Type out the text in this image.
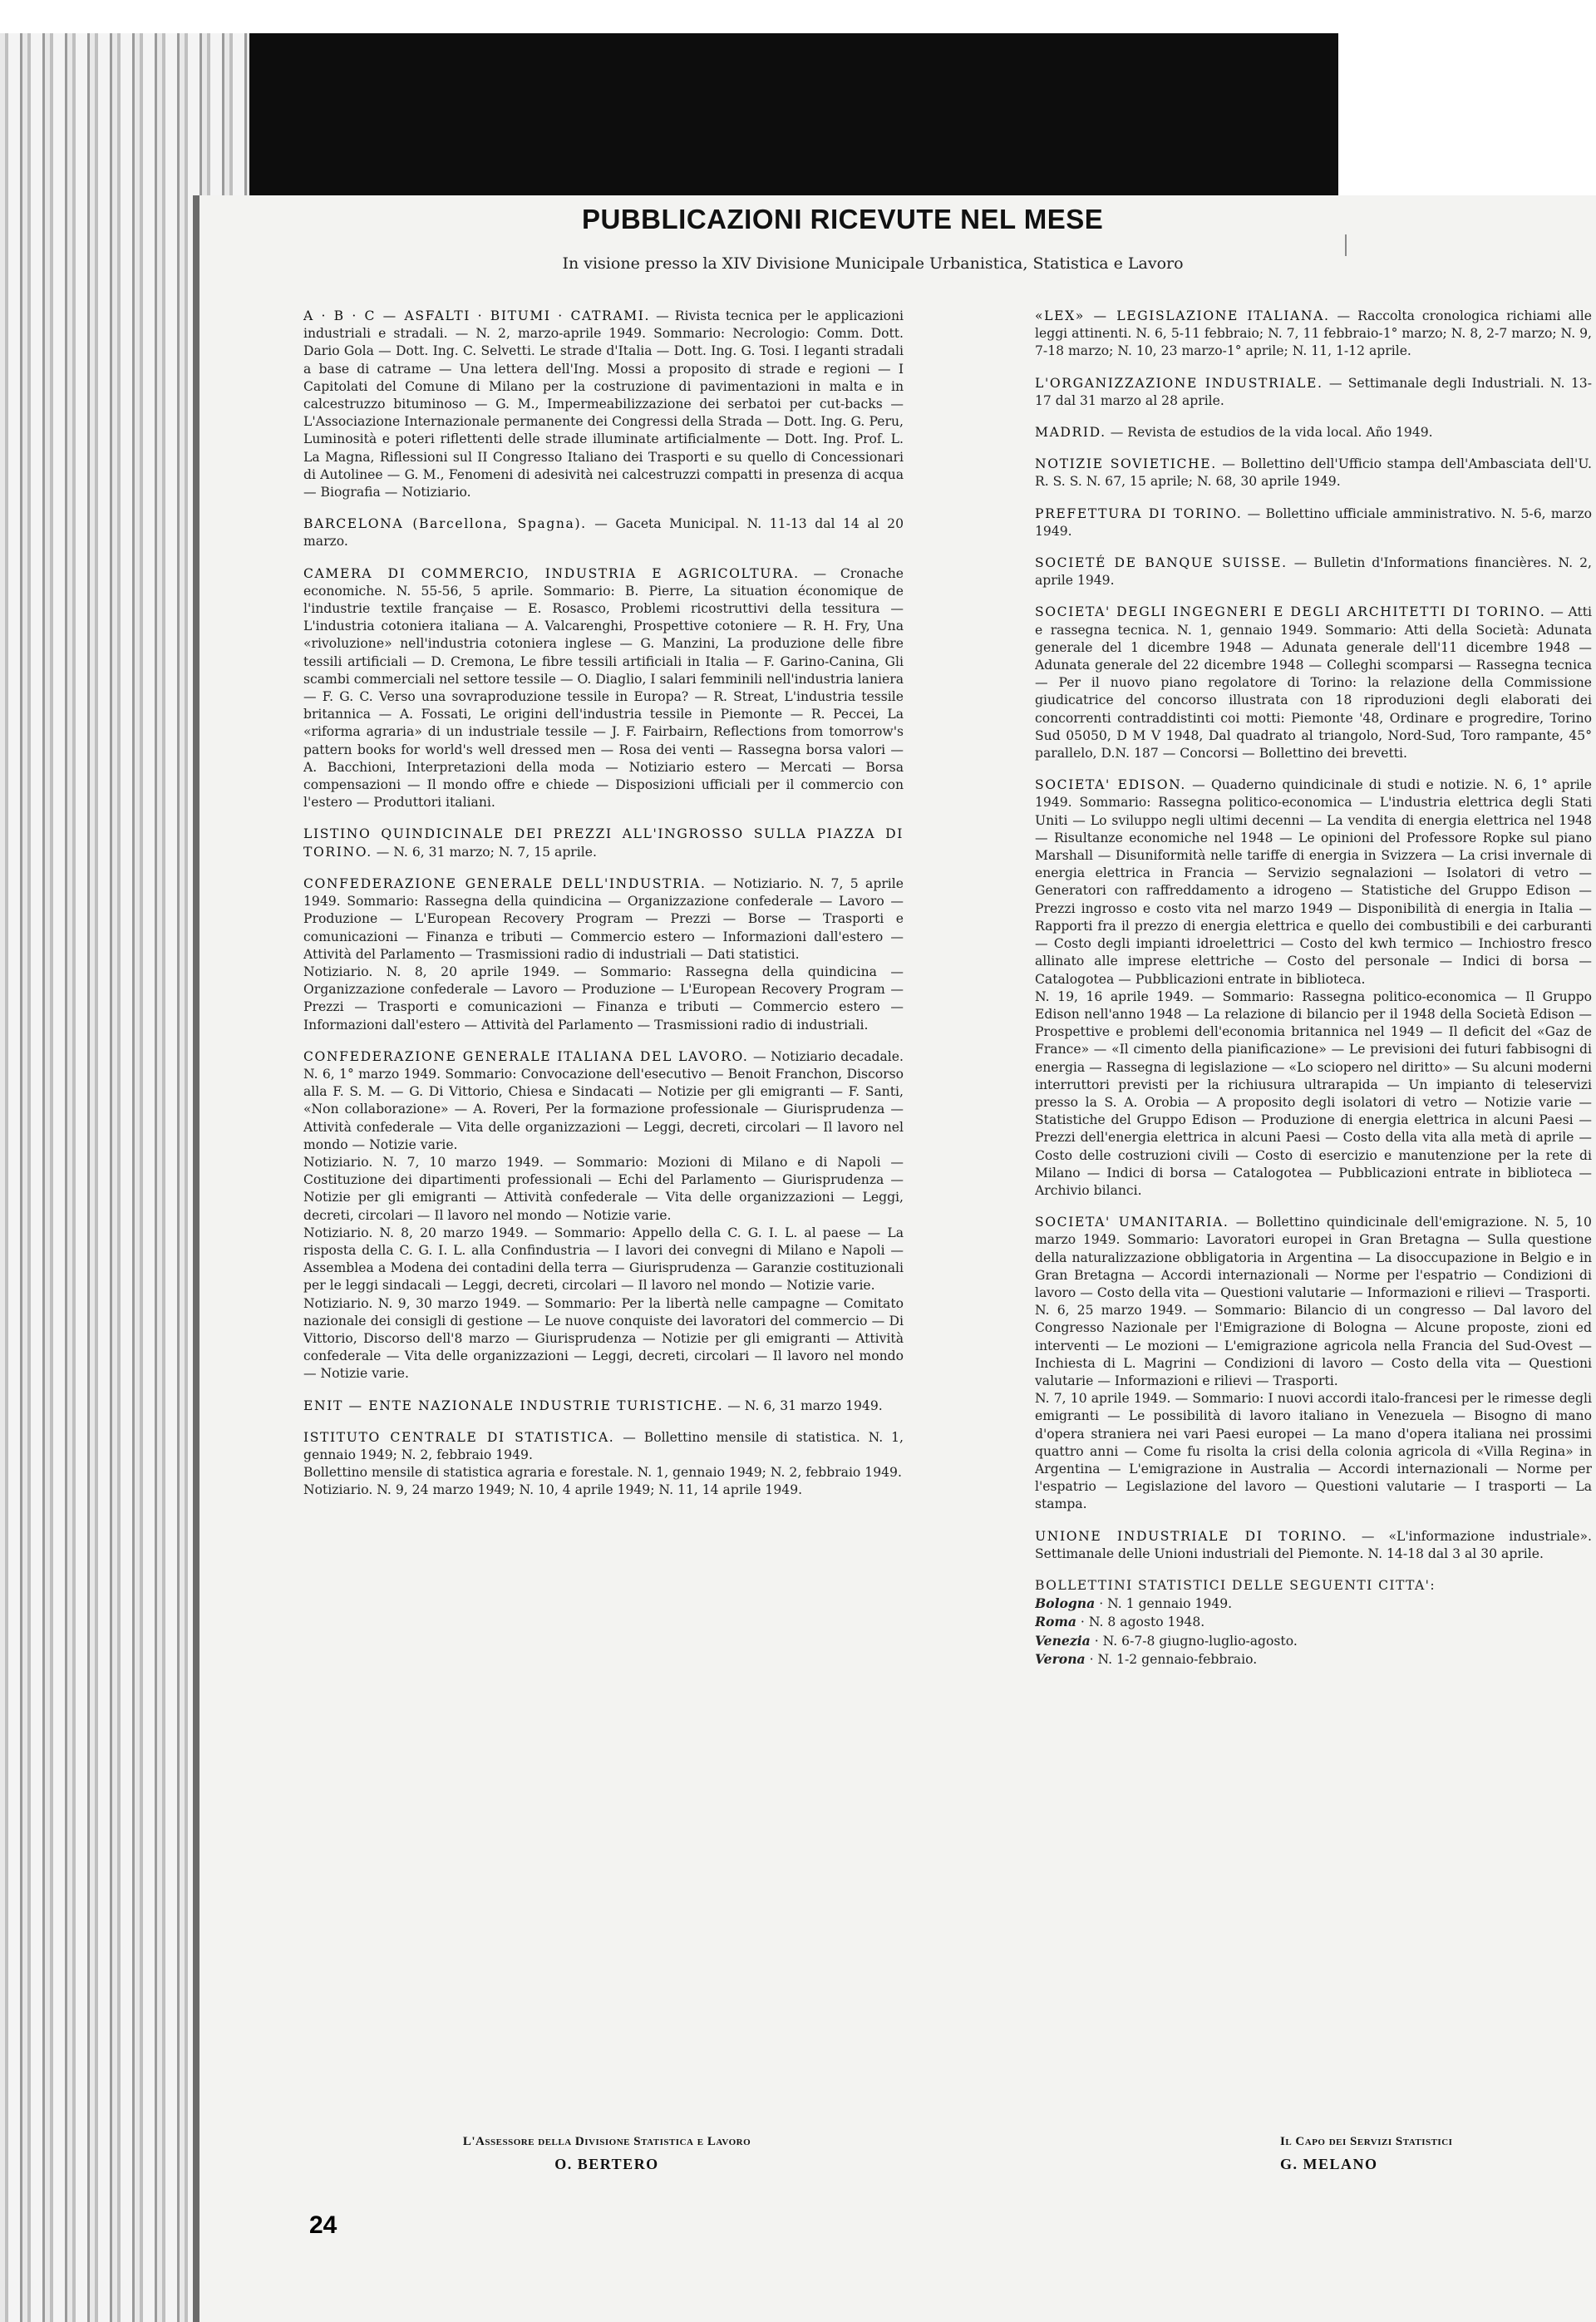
PUBBLICAZIONI RICEVUTE NEL MESE

In visione presso la XIV Divisione Municipale Urbanistica, Statistica e Lavoro

A · B · C — ASFALTI · BITUMI · CATRAMI. — Rivista tecnica per le applicazioni industriali e stradali. — N. 2, marzo-aprile 1949. Sommario: Necrologio: Comm. Dott. Dario Gola — Dott. Ing. C. Selvetti. Le strade d'Italia — Dott. Ing. G. Tosi. I leganti stradali a base di catrame — Una lettera dell'Ing. Mossi a proposito di strade e regioni — I Capitolati del Comune di Milano per la costruzione di pavimentazioni in malta e in calcestruzzo bituminoso — G. M., Impermeabilizzazione dei serbatoi per cut-backs — L'Associazione Internazionale permanente dei Congressi della Strada — Dott. Ing. G. Peru, Luminosità e poteri riflettenti delle strade illuminate artificialmente — Dott. Ing. Prof. L. La Magna, Riflessioni sul II Congresso Italiano dei Trasporti e su quello di Concessionari di Autolinee — G. M., Fenomeni di adesività nei calcestruzzi compatti in presenza di acqua — Biografia — Notiziario.

BARCELONA (Barcellona, Spagna). — Gaceta Municipal. N. 11-13 dal 14 al 20 marzo.

CAMERA DI COMMERCIO, INDUSTRIA E AGRICOLTURA. — Cronache economiche. N. 55-56, 5 aprile. Sommario: B. Pierre, La situation économique de l'industrie textile française — E. Rosasco, Problemi ricostruttivi della tessitura — L'industria cotoniera italiana — A. Valcarenghi, Prospettive cotoniere — R. H. Fry, Una «rivoluzione» nell'industria cotoniera inglese — G. Manzini, La produzione delle fibre tessili artificiali — D. Cremona, Le fibre tessili artificiali in Italia — F. Garino-Canina, Gli scambi commerciali nel settore tessile — O. Diaglio, I salari femminili nell'industria laniera — F. G. C. Verso una sovraproduzione tessile in Europa? — R. Streat, L'industria tessile britannica — A. Fossati, Le origini dell'industria tessile in Piemonte — R. Peccei, La «riforma agraria» di un industriale tessile — J. F. Fairbairn, Reflections from tomorrow's pattern books for world's well dressed men — Rosa dei venti — Rassegna borsa valori — A. Bacchioni, Interpretazioni della moda — Notiziario estero — Mercati — Borsa compensazioni — Il mondo offre e chiede — Disposizioni ufficiali per il commercio con l'estero — Produttori italiani.

LISTINO QUINDICINALE DEI PREZZI ALL'INGROSSO SULLA PIAZZA DI TORINO. — N. 6, 31 marzo; N. 7, 15 aprile.

CONFEDERAZIONE GENERALE DELL'INDUSTRIA. — Notiziario. N. 7, 5 aprile 1949. Sommario: Rassegna della quindicina — Organizzazione confederale — Lavoro — Produzione — L'European Recovery Program — Prezzi — Borse — Trasporti e comunicazioni — Finanza e tributi — Commercio estero — Informazioni dall'estero — Attività del Parlamento — Trasmissioni radio di industriali — Dati statistici.

Notiziario. N. 8, 20 aprile 1949. — Sommario: Rassegna della quindicina — Organizzazione confederale — Lavoro — Produzione — L'European Recovery Program — Prezzi — Trasporti e comunicazioni — Finanza e tributi — Commercio estero — Informazioni dall'estero — Attività del Parlamento — Trasmissioni radio di industriali.

CONFEDERAZIONE GENERALE ITALIANA DEL LAVORO. — Notiziario decadale. N. 6, 1° marzo 1949. Sommario: Convocazione dell'esecutivo — Benoit Franchon, Discorso alla F. S. M. — G. Di Vittorio, Chiesa e Sindacati — Notizie per gli emigranti — F. Santi, «Non collaborazione» — A. Roveri, Per la formazione professionale — Giurisprudenza — Attività confederale — Vita delle organizzazioni — Leggi, decreti, circolari — Il lavoro nel mondo — Notizie varie.

Notiziario. N. 7, 10 marzo 1949. — Sommario: Mozioni di Milano e di Napoli — Costituzione dei dipartimenti professionali — Echi del Parlamento — Giurisprudenza — Notizie per gli emigranti — Attività confederale — Vita delle organizzazioni — Leggi, decreti, circolari — Il lavoro nel mondo — Notizie varie.

Notiziario. N. 8, 20 marzo 1949. — Sommario: Appello della C. G. I. L. al paese — La risposta della C. G. I. L. alla Confindustria — I lavori dei convegni di Milano e Napoli — Assemblea a Modena dei contadini della terra — Giurisprudenza — Garanzie costituzionali per le leggi sindacali — Leggi, decreti, circolari — Il lavoro nel mondo — Notizie varie.

Notiziario. N. 9, 30 marzo 1949. — Sommario: Per la libertà nelle campagne — Comitato nazionale dei consigli di gestione — Le nuove conquiste dei lavoratori del commercio — Di Vittorio, Discorso dell'8 marzo — Giurisprudenza — Notizie per gli emigranti — Attività confederale — Vita delle organizzazioni — Leggi, decreti, circolari — Il lavoro nel mondo — Notizie varie.

ENIT — ENTE NAZIONALE INDUSTRIE TURISTICHE. — N. 6, 31 marzo 1949.

ISTITUTO CENTRALE DI STATISTICA. — Bollettino mensile di statistica. N. 1, gennaio 1949; N. 2, febbraio 1949.

Bollettino mensile di statistica agraria e forestale. N. 1, gennaio 1949; N. 2, febbraio 1949.

Notiziario. N. 9, 24 marzo 1949; N. 10, 4 aprile 1949; N. 11, 14 aprile 1949.

«LEX» — LEGISLAZIONE ITALIANA. — Raccolta cronologica richiami alle leggi attinenti. N. 6, 5-11 febbraio; N. 7, 11 febbraio-1° marzo; N. 8, 2-7 marzo; N. 9, 7-18 marzo; N. 10, 23 marzo-1° aprile; N. 11, 1-12 aprile.

L'ORGANIZZAZIONE INDUSTRIALE. — Settimanale degli Industriali. N. 13-17 dal 31 marzo al 28 aprile.

MADRID. — Revista de estudios de la vida local. Año 1949.

NOTIZIE SOVIETICHE. — Bollettino dell'Ufficio stampa dell'Ambasciata dell'U. R. S. S. N. 67, 15 aprile; N. 68, 30 aprile 1949.

PREFETTURA DI TORINO. — Bollettino ufficiale amministrativo. N. 5-6, marzo 1949.

SOCIETÉ DE BANQUE SUISSE. — Bulletin d'Informations financières. N. 2, aprile 1949.

SOCIETA' DEGLI INGEGNERI E DEGLI ARCHITETTI DI TORINO. — Atti e rassegna tecnica. N. 1, gennaio 1949. Sommario: Atti della Società: Adunata generale del 1 dicembre 1948 — Adunata generale dell'11 dicembre 1948 — Adunata generale del 22 dicembre 1948 — Colleghi scomparsi — Rassegna tecnica — Per il nuovo piano regolatore di Torino: la relazione della Commissione giudicatrice del concorso illustrata con 18 riproduzioni degli elaborati dei concorrenti contraddistinti coi motti: Piemonte '48, Ordinare e progredire, Torino Sud 05050, D M V 1948, Dal quadrato al triangolo, Nord-Sud, Toro rampante, 45° parallelo, D.N. 187 — Concorsi — Bollettino dei brevetti.

SOCIETA' EDISON. — Quaderno quindicinale di studi e notizie. N. 6, 1° aprile 1949. Sommario: Rassegna politico-economica — L'industria elettrica degli Stati Uniti — Lo sviluppo negli ultimi decenni — La vendita di energia elettrica nel 1948 — Risultanze economiche nel 1948 — Le opinioni del Professore Ropke sul piano Marshall — Disuniformità nelle tariffe di energia in Svizzera — La crisi invernale di energia elettrica in Francia — Servizio segnalazioni — Isolatori di vetro — Generatori con raffreddamento a idrogeno — Statistiche del Gruppo Edison — Prezzi ingrosso e costo vita nel marzo 1949 — Disponibilità di energia in Italia — Rapporti fra il prezzo di energia elettrica e quello dei combustibili e dei carburanti — Costo degli impianti idroelettrici — Costo del kwh termico — Inchiostro fresco allinato alle imprese elettriche — Costo del personale — Indici di borsa — Catalogotea — Pubblicazioni entrate in biblioteca.

N. 19, 16 aprile 1949. — Sommario: Rassegna politico-economica — Il Gruppo Edison nell'anno 1948 — La relazione di bilancio per il 1948 della Società Edison — Prospettive e problemi dell'economia britannica nel 1949 — Il deficit del «Gaz de France» — «Il cimento della pianificazione» — Le previsioni dei futuri fabbisogni di energia — Rassegna di legislazione — «Lo sciopero nel diritto» — Su alcuni moderni interruttori previsti per la richiusura ultrarapida — Un impianto di teleservizi presso la S. A. Orobia — A proposito degli isolatori di vetro — Notizie varie — Statistiche del Gruppo Edison — Produzione di energia elettrica in alcuni Paesi — Prezzi dell'energia elettrica in alcuni Paesi — Costo della vita alla metà di aprile — Costo delle costruzioni civili — Costo di esercizio e manutenzione per la rete di Milano — Indici di borsa — Catalogotea — Pubblicazioni entrate in biblioteca — Archivio bilanci.

SOCIETA' UMANITARIA. — Bollettino quindicinale dell'emigrazione. N. 5, 10 marzo 1949. Sommario: Lavoratori europei in Gran Bretagna — Sulla questione della naturalizzazione obbligatoria in Argentina — La disoccupazione in Belgio e in Gran Bretagna — Accordi internazionali — Norme per l'espatrio — Condizioni di lavoro — Costo della vita — Questioni valutarie — Informazioni e rilievi — Trasporti.

N. 6, 25 marzo 1949. — Sommario: Bilancio di un congresso — Dal lavoro del Congresso Nazionale per l'Emigrazione di Bologna — Alcune proposte, zioni ed interventi — Le mozioni — L'emigrazione agricola nella Francia del Sud-Ovest — Inchiesta di L. Magrini — Condizioni di lavoro — Costo della vita — Questioni valutarie — Informazioni e rilievi — Trasporti.

N. 7, 10 aprile 1949. — Sommario: I nuovi accordi italo-francesi per le rimesse degli emigranti — Le possibilità di lavoro italiano in Venezuela — Bisogno di mano d'opera straniera nei vari Paesi europei — La mano d'opera italiana nei prossimi quattro anni — Come fu risolta la crisi della colonia agricola di «Villa Regina» in Argentina — L'emigrazione in Australia — Accordi internazionali — Norme per l'espatrio — Legislazione del lavoro — Questioni valutarie — I trasporti — La stampa.

UNIONE INDUSTRIALE DI TORINO. — «L'informazione industriale». Settimanale delle Unioni industriali del Piemonte. N. 14-18 dal 3 al 30 aprile.

BOLLETTINI STATISTICI DELLE SEGUENTI CITTA':
Bologna · N. 1 gennaio 1949.
Roma · N. 8 agosto 1948.
Venezia · N. 6-7-8 giugno-luglio-agosto.
Verona · N. 1-2 gennaio-febbraio.
L'Assessore della Divisione Statistica e Lavoro
O. BERTERO
Il Capo dei Servizi Statistici
G. MELANO
24
